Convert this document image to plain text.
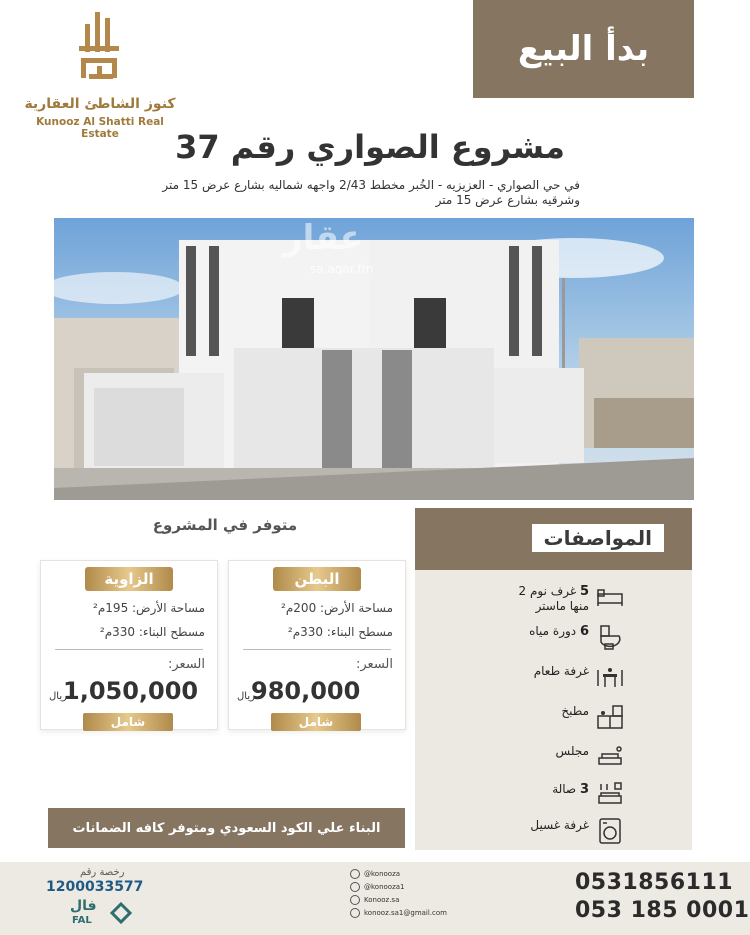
كنوز الشاطئ العقارية
Kunooz Al Shatti Real Estate
بدأ البيع
مشروع الصواري رقم 37
في حي الصواري - العزيزيه - الخُبر مخطط 2/43 واجهه شماليه بشارع عرض 15 متر
وشرقيه بشارع عرض 15 متر
عقار
sa.aqar.fm
متوفر في المشروع
البطن
مساحة الأرض: 200م²
مسطح البناء: 330م²
السعر:
980,000
ريال
شامل
الزاوية
مساحة الأرض: 195م²
مسطح البناء: 330م²
السعر:
1,050,000
ريال
شامل
البناء علي الكود السعودي ومتوفر كافه الضمانات
المواصفات
5 غرف نوم 2
منها ماستر
6 دورة مياه
غرفة طعام
مطبخ
مجلس
3 صالة
غرفة غسيل
رخصة رقم
1200033577
فال
FAL
@konooza
@konooza1
Konooz.sa
konooz.sa1@gmail.com
0531856111
053 185 0001
